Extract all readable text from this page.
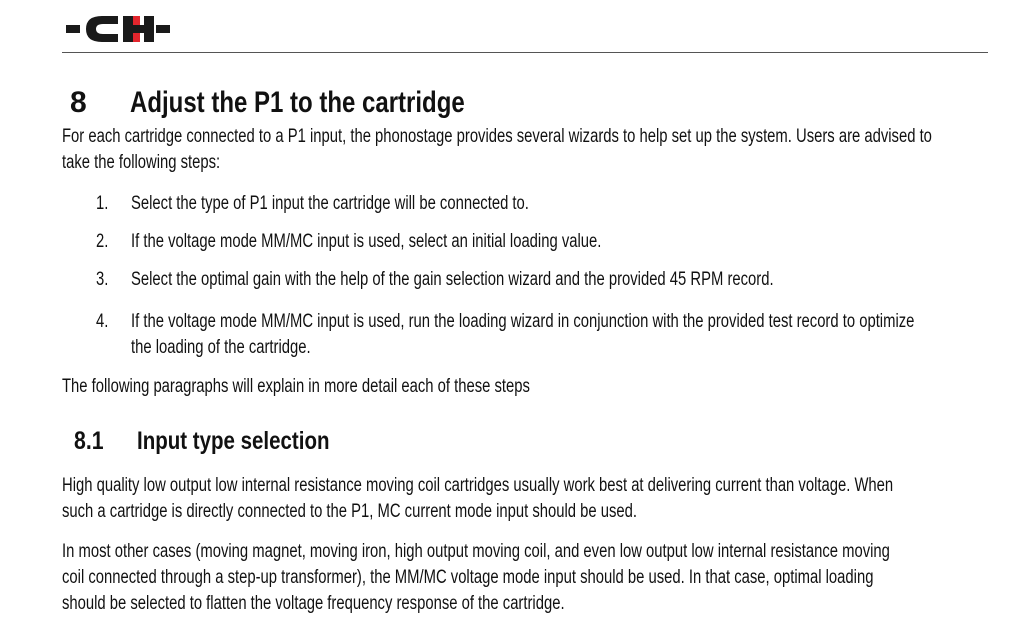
8	Adjust the P1 to the cartridge
For each cartridge connected to a P1 input, the phonostage provides several wizards to help set up the system. Users are advised to
take the following steps:
1. Select the type of P1 input the cartridge will be connected to.
2. If the voltage mode MM/MC input is used, select an initial loading value.
3. Select the optimal gain with the help of the gain selection wizard and the provided 45 RPM record.
4. If the voltage mode MM/MC input is used, run the loading wizard in conjunction with the provided test record to optimize
the loading of the cartridge.
The following paragraphs will explain in more detail each of these steps
8.1 Input type selection
High quality low output low internal resistance moving coil cartridges usually work best at delivering current than voltage. When
such a cartridge is directly connected to the P1, MC current mode input should be used.
In most other cases (moving magnet, moving iron, high output moving coil, and even low output low internal resistance moving
coil connected through a step-up transformer), the MM/MC voltage mode input should be used. In that case, optimal loading
should be selected to flatten the voltage frequency response of the cartridge.
